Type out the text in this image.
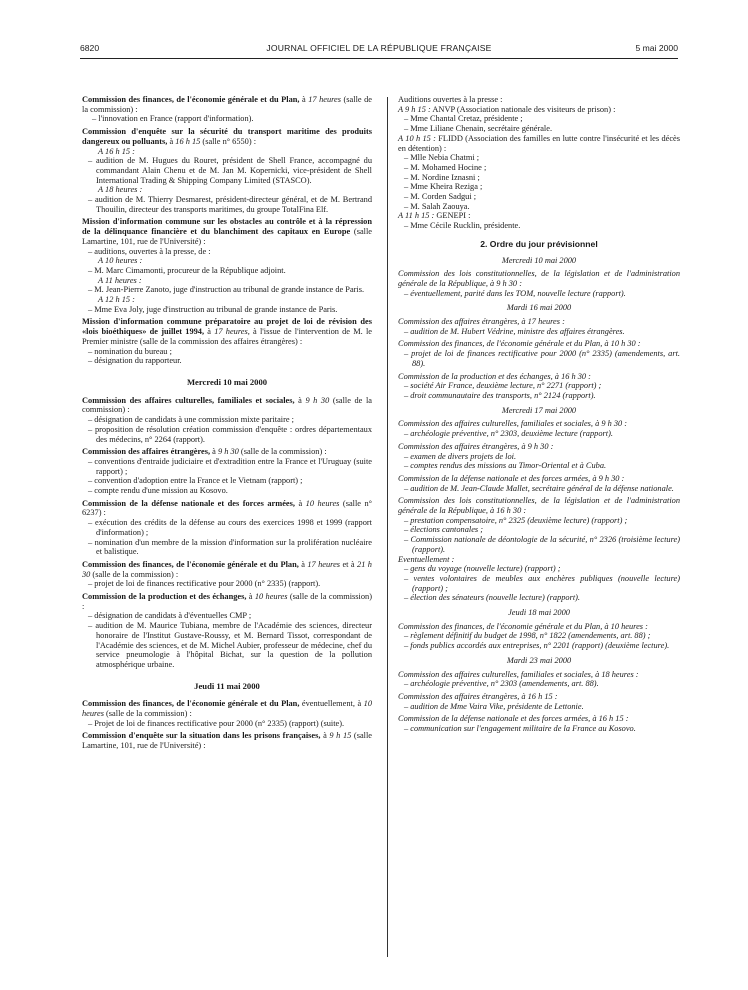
6820	JOURNAL OFFICIEL DE LA RÉPUBLIQUE FRANÇAISE	5 mai 2000
Commission des finances, de l'économie générale et du Plan, à 17 heures (salle de la commission) :
– l'innovation en France (rapport d'information).
Commission d'enquête sur la sécurité du transport maritime des produits dangereux ou polluants, à 16 h 15 (salle n° 6550) :
A 16 h 15 :
– audition de M. Hugues du Rouret, président de Shell France, accompagné du commandant Alain Chenu et de M. Jan M. Kopernicki, vice-président de Shell International Trading & Shipping Company Limited (STASCO).
A 18 heures :
– audition de M. Thierry Desmarest, président-directeur général, et de M. Bertrand Thouilin, directeur des transports maritimes, du groupe TotalFina Elf.
Mission d'information commune sur les obstacles au contrôle et à la répression de la délinquance financière et du blanchiment des capitaux en Europe (salle Lamartine, 101, rue de l'Université) :
– auditions, ouvertes à la presse, de :
A 10 heures :
– M. Marc Cimamonti, procureur de la République adjoint.
A 11 heures :
– M. Jean-Pierre Zanoto, juge d'instruction au tribunal de grande instance de Paris.
A 12 h 15 :
– Mme Eva Joly, juge d'instruction au tribunal de grande instance de Paris.
Mission d'information commune préparatoire au projet de loi de révision des «lois bioéthiques» de juillet 1994, à 17 heures, à l'issue de l'intervention de M. le Premier ministre (salle de la commission des affaires étrangères) :
– nomination du bureau ;
– désignation du rapporteur.
Mercredi 10 mai 2000
Commission des affaires culturelles, familiales et sociales, à 9 h 30 (salle de la commission) :
– désignation de candidats à une commission mixte paritaire ;
– proposition de résolution création commission d'enquête : ordres départementaux des médecins, n° 2264 (rapport).
Commission des affaires étrangères, à 9 h 30 (salle de la commission) :
– conventions d'entraide judiciaire et d'extradition entre la France et l'Uruguay (suite rapport) ;
– convention d'adoption entre la France et le Vietnam (rapport) ;
– compte rendu d'une mission au Kosovo.
Commission de la défense nationale et des forces armées, à 10 heures (salle n° 6237) :
– exécution des crédits de la défense au cours des exercices 1998 et 1999 (rapport d'information) ;
– nomination d'un membre de la mission d'information sur la prolifération nucléaire et balistique.
Commission des finances, de l'économie générale et du Plan, à 17 heures et à 21 h 30 (salle de la commission) :
– projet de loi de finances rectificative pour 2000 (n° 2335) (rapport).
Commission de la production et des échanges, à 10 heures (salle de la commission) :
– désignation de candidats à d'éventuelles CMP ;
– audition de M. Maurice Tubiana, membre de l'Académie des sciences, directeur honoraire de l'Institut Gustave-Roussy, et M. Bernard Tissot, correspondant de l'Académie des sciences, et de M. Michel Aubier, professeur de médecine, chef du service pneumologie à l'hôpital Bichat, sur la question de la pollution atmosphérique urbaine.
Jeudi 11 mai 2000
Commission des finances, de l'économie générale et du Plan, éventuellement, à 10 heures (salle de la commission) :
– Projet de loi de finances rectificative pour 2000 (n° 2335) (rapport) (suite).
Commission d'enquête sur la situation dans les prisons françaises, à 9 h 15 (salle Lamartine, 101, rue de l'Université) :
Auditions ouvertes à la presse :
A 9 h 15 : ANVP (Association nationale des visiteurs de prison) :
– Mme Chantal Cretaz, présidente ;
– Mme Liliane Chenain, secrétaire générale.
A 10 h 15 : FLIDD (Association des familles en lutte contre l'insécurité et les décès en détention) :
– Mlle Nebia Chatmi ;
– M. Mohamed Hocine ;
– M. Nordine Iznasni ;
– Mme Kheira Reziga ;
– M. Corden Sadgui ;
– M. Salah Zaouya.
A 11 h 15 : GENEPI :
– Mme Cécile Rucklin, présidente.
2. Ordre du jour prévisionnel
Mercredi 10 mai 2000
Commission des lois constitutionnelles, de la législation et de l'administration générale de la République, à 9 h 30 :
– éventuellement, parité dans les TOM, nouvelle lecture (rapport).
Mardi 16 mai 2000
Commission des affaires étrangères, à 17 heures :
– audition de M. Hubert Védrine, ministre des affaires étrangères.
Commission des finances, de l'économie générale et du Plan, à 10 h 30 :
– projet de loi de finances rectificative pour 2000 (n° 2335) (amendements, art. 88).
Commission de la production et des échanges, à 16 h 30 :
– société Air France, deuxième lecture, n° 2271 (rapport) ;
– droit communautaire des transports, n° 2124 (rapport).
Mercredi 17 mai 2000
Commission des affaires culturelles, familiales et sociales, à 9 h 30 :
– archéologie préventive, n° 2303, deuxième lecture (rapport).
Commission des affaires étrangères, à 9 h 30 :
– examen de divers projets de loi.
– comptes rendus des missions au Timor-Oriental et à Cuba.
Commission de la défense nationale et des forces armées, à 9 h 30 :
– audition de M. Jean-Claude Mallet, secrétaire général de la défense nationale.
Commission des lois constitutionnelles, de la législation et de l'administration générale de la République, à 16 h 30 :
– prestation compensatoire, n° 2325 (deuxième lecture) (rapport) ;
– élections cantonales ;
– Commission nationale de déontologie de la sécurité, n° 2326 (troisième lecture) (rapport).
Eventuellement :
– gens du voyage (nouvelle lecture) (rapport) ;
– ventes volontaires de meubles aux enchères publiques (nouvelle lecture) (rapport) ;
– élection des sénateurs (nouvelle lecture) (rapport).
Jeudi 18 mai 2000
Commission des finances, de l'économie générale et du Plan, à 10 heures :
– règlement définitif du budget de 1998, n° 1822 (amendements, art. 88) ;
– fonds publics accordés aux entreprises, n° 2201 (rapport) (deuxième lecture).
Mardi 23 mai 2000
Commission des affaires culturelles, familiales et sociales, à 18 heures :
– archéologie préventive, n° 2303 (amendements, art. 88).
Commission des affaires étrangères, à 16 h 15 :
– audition de Mme Vaira Vike, présidente de Lettonie.
Commission de la défense nationale et des forces armées, à 16 h 15 :
– communication sur l'engagement militaire de la France au Kosovo.
